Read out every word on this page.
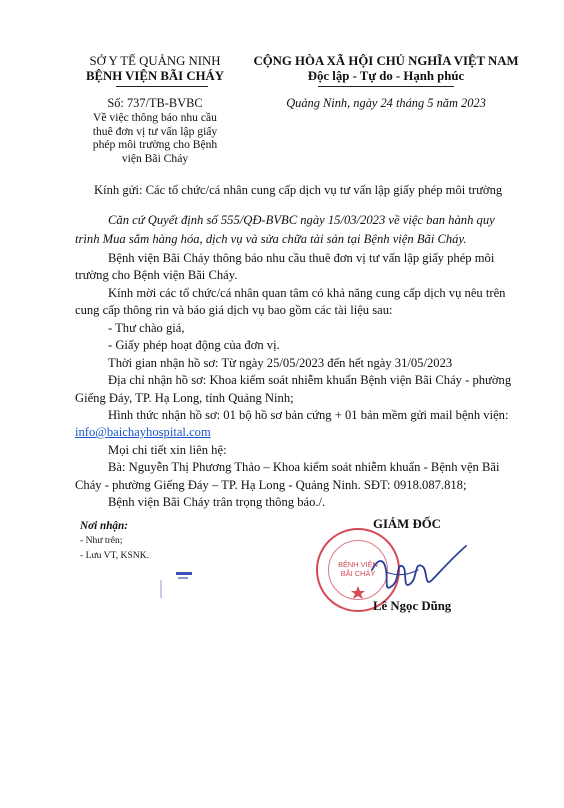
SỞ Y TẾ QUẢNG NINH
BỆNH VIỆN BÃI CHÁY
Số: 737/TB-BVBC
Về việc thông báo nhu cầu
thuê đơn vị tư vấn lập giấy
phép môi trường cho Bệnh
viện Bãi Cháy
CỘNG HÒA XÃ HỘI CHỦ NGHĨA VIỆT NAM
Độc lập - Tự do - Hạnh phúc
Quảng Ninh, ngày 24 tháng 5 năm 2023
Kính gửi: Các tổ chức/cá nhân cung cấp dịch vụ tư vấn lập giấy phép môi trường
Căn cứ Quyết định số 555/QĐ-BVBC ngày 15/03/2023 về việc ban hành quy
trình Mua sắm hàng hóa, dịch vụ và sửa chữa tài sản tại Bệnh viện Bãi Cháy.
Bệnh viện Bãi Cháy thông báo nhu cầu thuê đơn vị tư vấn lập giấy phép môi
trường cho Bệnh viện Bãi Cháy.
Kính mời các tổ chức/cá nhân quan tâm có khả năng cung cấp dịch vụ nêu trên
cung cấp thông rin và báo giá dịch vụ bao gồm các tài liệu sau:
- Thư chào giá,
- Giấy phép hoạt động của đơn vị.
Thời gian nhận hồ sơ: Từ ngày 25/05/2023 đến hết ngày 31/05/2023
Địa chỉ nhận hồ sơ: Khoa kiểm soát nhiễm khuẩn Bệnh viện Bãi Cháy - phường
Giếng Đáy, TP. Hạ Long, tỉnh Quảng Ninh;
Hình thức nhận hồ sơ: 01 bộ hồ sơ bản cứng + 01 bản mềm gửi mail bệnh viện:
info@baichayhospital.com
Mọi chi tiết xin liên hệ:
Bà: Nguyễn Thị Phương Thảo – Khoa kiểm soát nhiễm khuẩn - Bệnh vện Bãi
Cháy - phường Giếng Đáy – TP. Hạ Long - Quảng Ninh. SĐT: 0918.087.818;
Bệnh viện Bãi Cháy trân trọng thông báo./.
Nơi nhận:
- Như trên;
- Lưu VT, KSNK.
GIÁM ĐỐC
BỆNH VIỆN
BÃI CHÁY
Lê Ngọc Dũng
